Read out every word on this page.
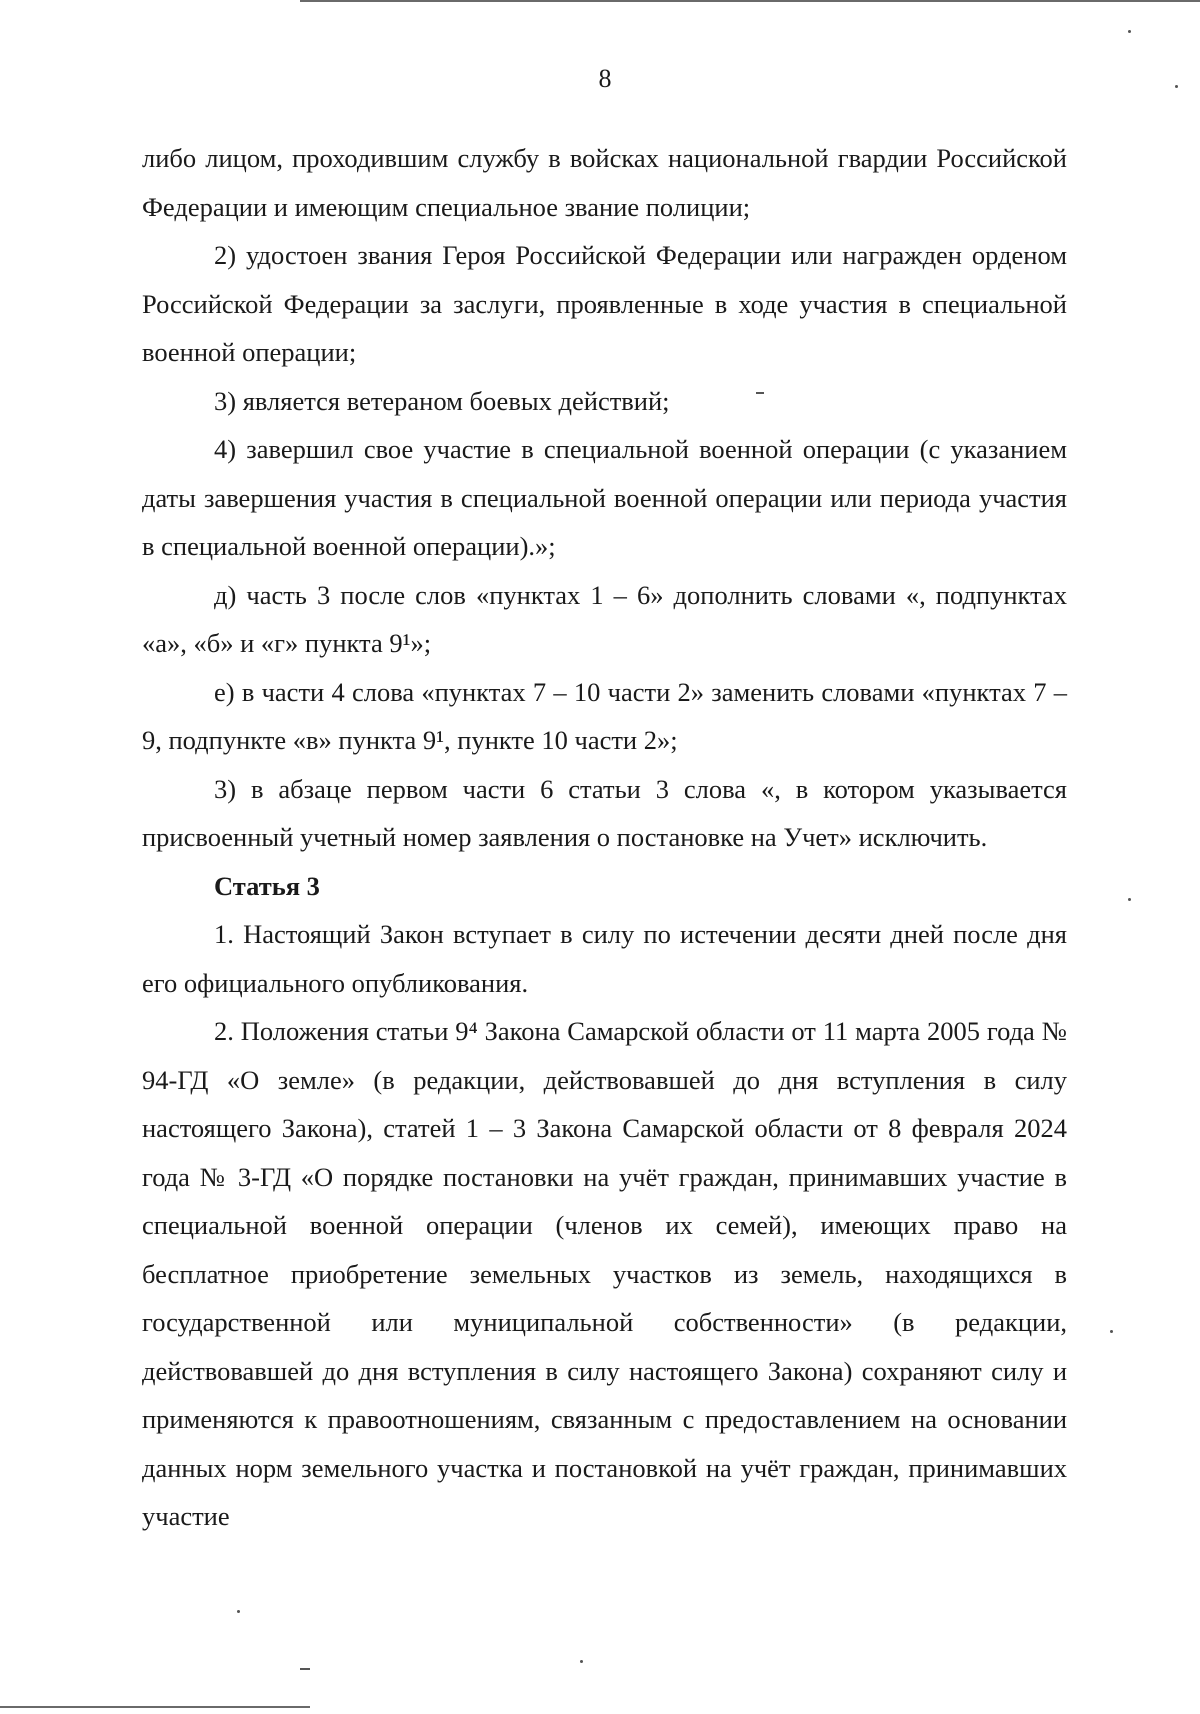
8

либо лицом, проходившим службу в войсках национальной гвардии Российской Федерации и имеющим специальное звание полиции;

2) удостоен звания Героя Российской Федерации или награжден орденом Российской Федерации за заслуги, проявленные в ходе участия в специальной военной операции;

3) является ветераном боевых действий;

4) завершил свое участие в специальной военной операции (с указанием даты завершения участия в специальной военной операции или периода участия в специальной военной операции).»;

д) часть 3 после слов «пунктах 1 – 6» дополнить словами «, подпунктах «а», «б» и «г» пункта 9¹»;

е) в части 4 слова «пунктах 7 – 10 части 2» заменить словами «пунктах 7 – 9, подпункте «в» пункта 9¹, пункте 10 части 2»;

3) в абзаце первом части 6 статьи 3 слова «, в котором указывается присвоенный учетный номер заявления о постановке на Учет» исключить.

Статья 3

1. Настоящий Закон вступает в силу по истечении десяти дней после дня его официального опубликования.

2. Положения статьи 9⁴ Закона Самарской области от 11 марта 2005 года № 94-ГД «О земле» (в редакции, действовавшей до дня вступления в силу настоящего Закона), статей 1 – 3 Закона Самарской области от 8 февраля 2024 года № 3-ГД «О порядке постановки на учёт граждан, принимавших участие в специальной военной операции (членов их семей), имеющих право на бесплатное приобретение земельных участков из земель, находящихся в государственной или муниципальной собственности» (в редакции, действовавшей до дня вступления в силу настоящего Закона) сохраняют силу и применяются к правоотношениям, связанным с предоставлением на основании данных норм земельного участка и постановкой на учёт граждан, принимавших участие
